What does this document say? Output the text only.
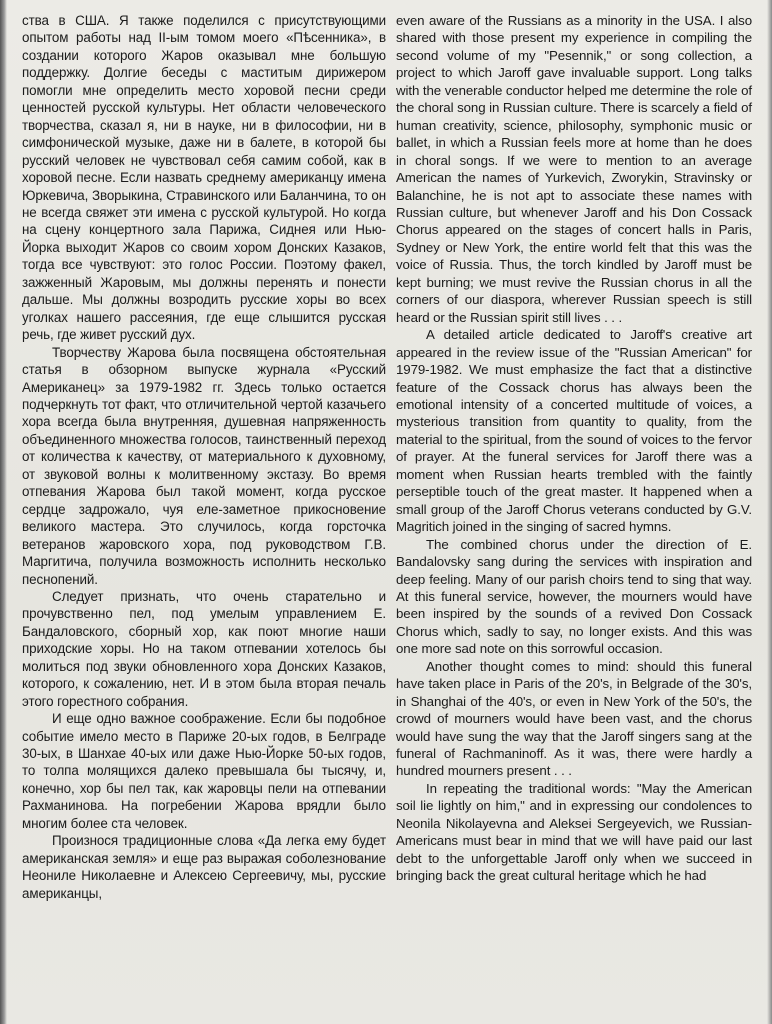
ства в США. Я также поделился с присутствующими опытом работы над II-ым томом моего «Пѣсенника», в создании которого Жаров оказывал мне большую поддержку. Долгие беседы с маститым дирижером помогли мне определить место хоровой песни среди ценностей русской культуры. Нет области человеческого творчества, сказал я, ни в науке, ни в философии, ни в симфонической музыке, даже ни в балете, в которой бы русский человек не чувствовал себя самим собой, как в хоровой песне. Если назвать среднему американцу имена Юркевича, Зворыкина, Стравинского или Баланчина, то он не всегда свяжет эти имена с русской культурой. Но когда на сцену концертного зала Парижа, Сиднея или Нью-Йорка выходит Жаров со своим хором Донских Казаков, тогда все чувствуют: это голос России. Поэтому факел, зажженный Жаровым, мы должны перенять и понести дальше. Мы должны возродить русские хоры во всех уголках нашего рассеяния, где еще слышится русская речь, где живет русский дух.

Творчеству Жарова была посвящена обстоятельная статья в обзорном выпуске журнала «Русский Американец» за 1979-1982 гг. Здесь только остается подчеркнуть тот факт, что отличительной чертой казачьего хора всегда была внутренняя, душевная напряженность объединенного множества голосов, таинственный переход от количества к качеству, от материального к духовному, от звуковой волны к молитвенному экстазу. Во время отпевания Жарова был такой момент, когда русское сердце задрожало, чуя еле-заметное прикосновение великого мастера. Это случилось, когда горсточка ветеранов жаровского хора, под руководством Г.В. Маргитича, получила возможность исполнить несколько песнопений.

Следует признать, что очень старательно и прочувственно пел, под умелым управлением Е. Бандаловского, сборный хор, как поют многие наши приходские хоры. Но на таком отпевании хотелось бы молиться под звуки обновленного хора Донских Казаков, которого, к сожалению, нет. И в этом была вторая печаль этого горестного собрания.

И еще одно важное соображение. Если бы подобное событие имело место в Париже 20-ых годов, в Белграде 30-ых, в Шанхае 40-ых или даже Нью-Йорке 50-ых годов, то толпа молящихся далеко превышала бы тысячу, и, конечно, хор бы пел так, как жаровцы пели на отпевании Рахманинова. На погребении Жарова врядли было многим более ста человек.

Произнося традиционные слова «Да легка ему будет американская земля» и еще раз выражая соболезнование Неониле Николаевне и Алексею Сергеевичу, мы, русские американцы,

even aware of the Russians as a minority in the USA. I also shared with those present my experience in compiling the second volume of my "Pesennik," or song collection, a project to which Jaroff gave invaluable support. Long talks with the venerable conductor helped me determine the role of the choral song in Russian culture. There is scarcely a field of human creativity, science, philosophy, symphonic music or ballet, in which a Russian feels more at home than he does in choral songs. If we were to mention to an average American the names of Yurkevich, Zworykin, Stravinsky or Balanchine, he is not apt to associate these names with Russian culture, but whenever Jaroff and his Don Cossack Chorus appeared on the stages of concert halls in Paris, Sydney or New York, the entire world felt that this was the voice of Russia. Thus, the torch kindled by Jaroff must be kept burning; we must revive the Russian chorus in all the corners of our diaspora, wherever Russian speech is still heard or the Russian spirit still lives . . .

A detailed article dedicated to Jaroff's creative art appeared in the review issue of the "Russian American" for 1979-1982. We must emphasize the fact that a distinctive feature of the Cossack chorus has always been the emotional intensity of a concerted multitude of voices, a mysterious transition from quantity to quality, from the material to the spiritual, from the sound of voices to the fervor of prayer. At the funeral services for Jaroff there was a moment when Russian hearts trembled with the faintly perseptible touch of the great master. It happened when a small group of the Jaroff Chorus veterans conducted by G.V. Magritich joined in the singing of sacred hymns.

The combined chorus under the direction of E. Bandalovsky sang during the services with inspiration and deep feeling. Many of our parish choirs tend to sing that way. At this funeral service, however, the mourners would have been inspired by the sounds of a revived Don Cossack Chorus which, sadly to say, no longer exists. And this was one more sad note on this sorrowful occasion.

Another thought comes to mind: should this funeral have taken place in Paris of the 20's, in Belgrade of the 30's, in Shanghai of the 40's, or even in New York of the 50's, the crowd of mourners would have been vast, and the chorus would have sung the way that the Jaroff singers sang at the funeral of Rachmaninoff. As it was, there were hardly a hundred mourners present . . .

In repeating the traditional words: "May the American soil lie lightly on him," and in expressing our condolences to Neonila Nikolayevna and Aleksei Sergeyevich, we Russian-Americans must bear in mind that we will have paid our last debt to the unforgettable Jaroff only when we succeed in bringing back the great cultural heritage which he had
